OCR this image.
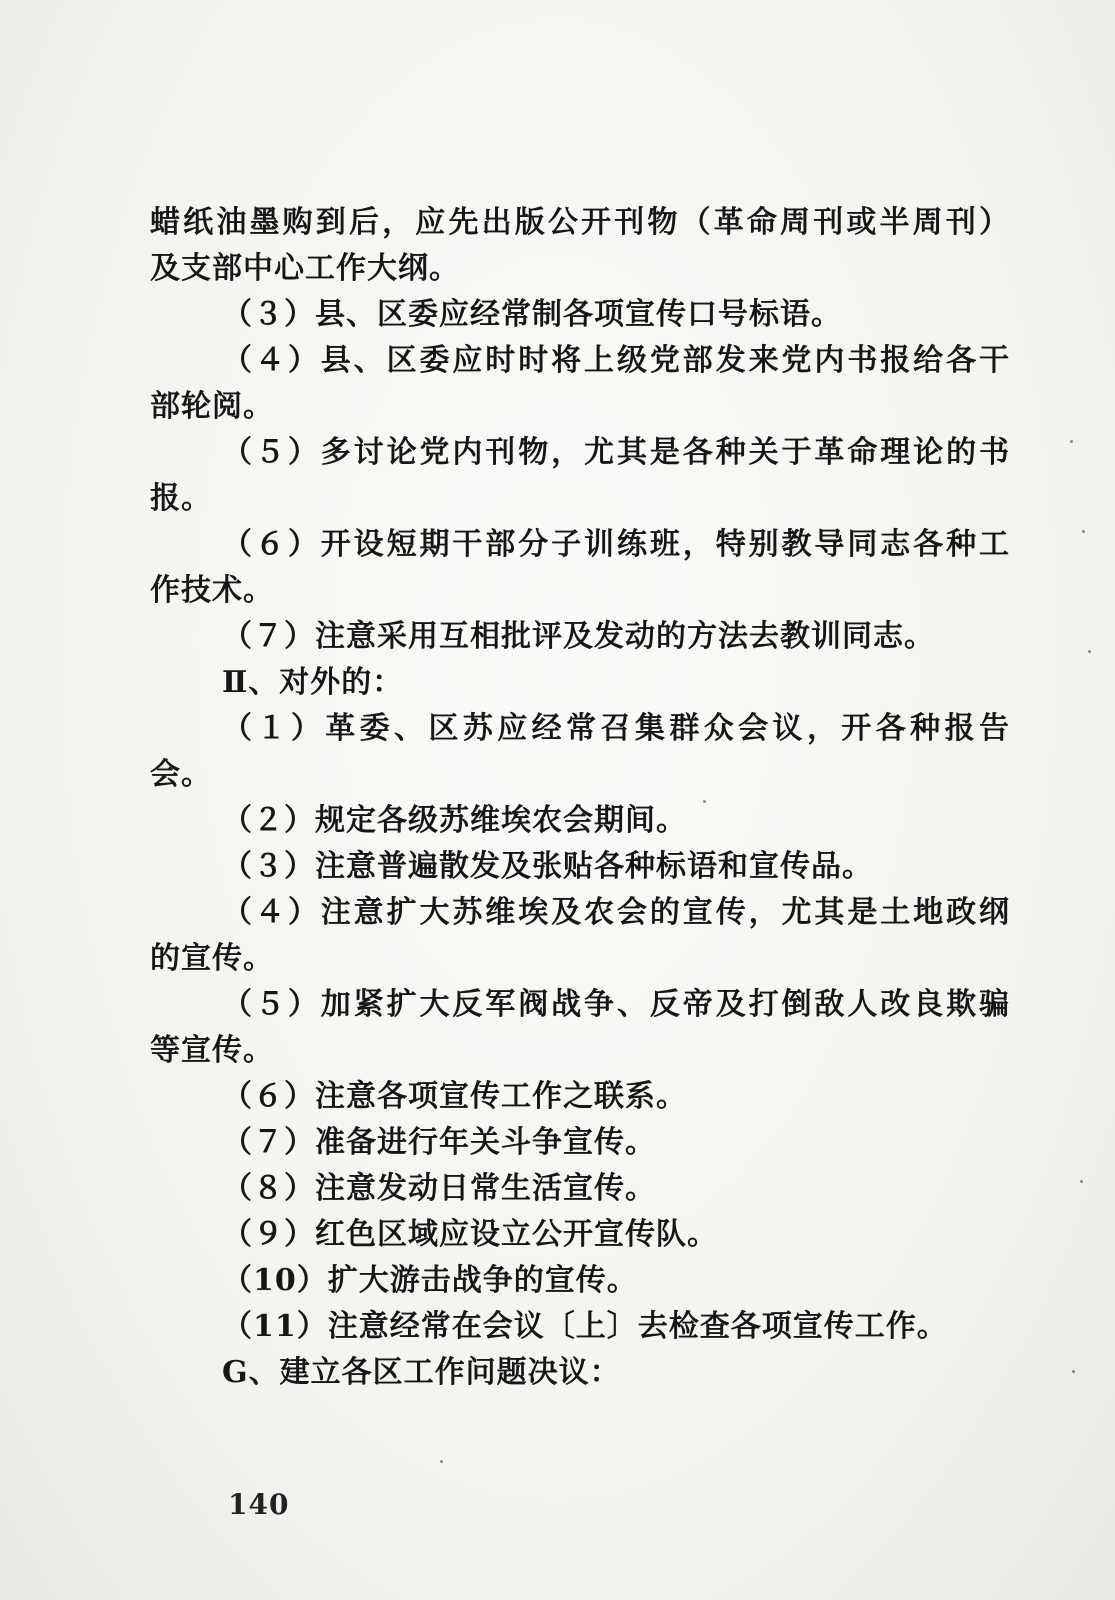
蜡纸油墨购到后，应先出版公开刊物（革命周刊或半周刊）
及支部中心工作大纲。
（３）县、区委应经常制各项宣传口号标语。
（４）县、区委应时时将上级党部发来党内书报给各干
部轮阅。
（５）多讨论党内刊物，尤其是各种关于革命理论的书
报。
（６）开设短期干部分子训练班，特别教导同志各种工
作技术。
（７）注意采用互相批评及发动的方法去教训同志。
Ⅱ、对外的：
（１）革委、区苏应经常召集群众会议，开各种报告
会。
（２）规定各级苏维埃农会期间。
（３）注意普遍散发及张贴各种标语和宣传品。
（４）注意扩大苏维埃及农会的宣传，尤其是土地政纲
的宣传。
（５）加紧扩大反军阀战争、反帝及打倒敌人改良欺骗
等宣传。
（６）注意各项宣传工作之联系。
（７）准备进行年关斗争宣传。
（８）注意发动日常生活宣传。
（９）红色区域应设立公开宣传队。
（10）扩大游击战争的宣传。
（11）注意经常在会议〔上〕去检查各项宣传工作。
G、建立各区工作问题决议：
140
